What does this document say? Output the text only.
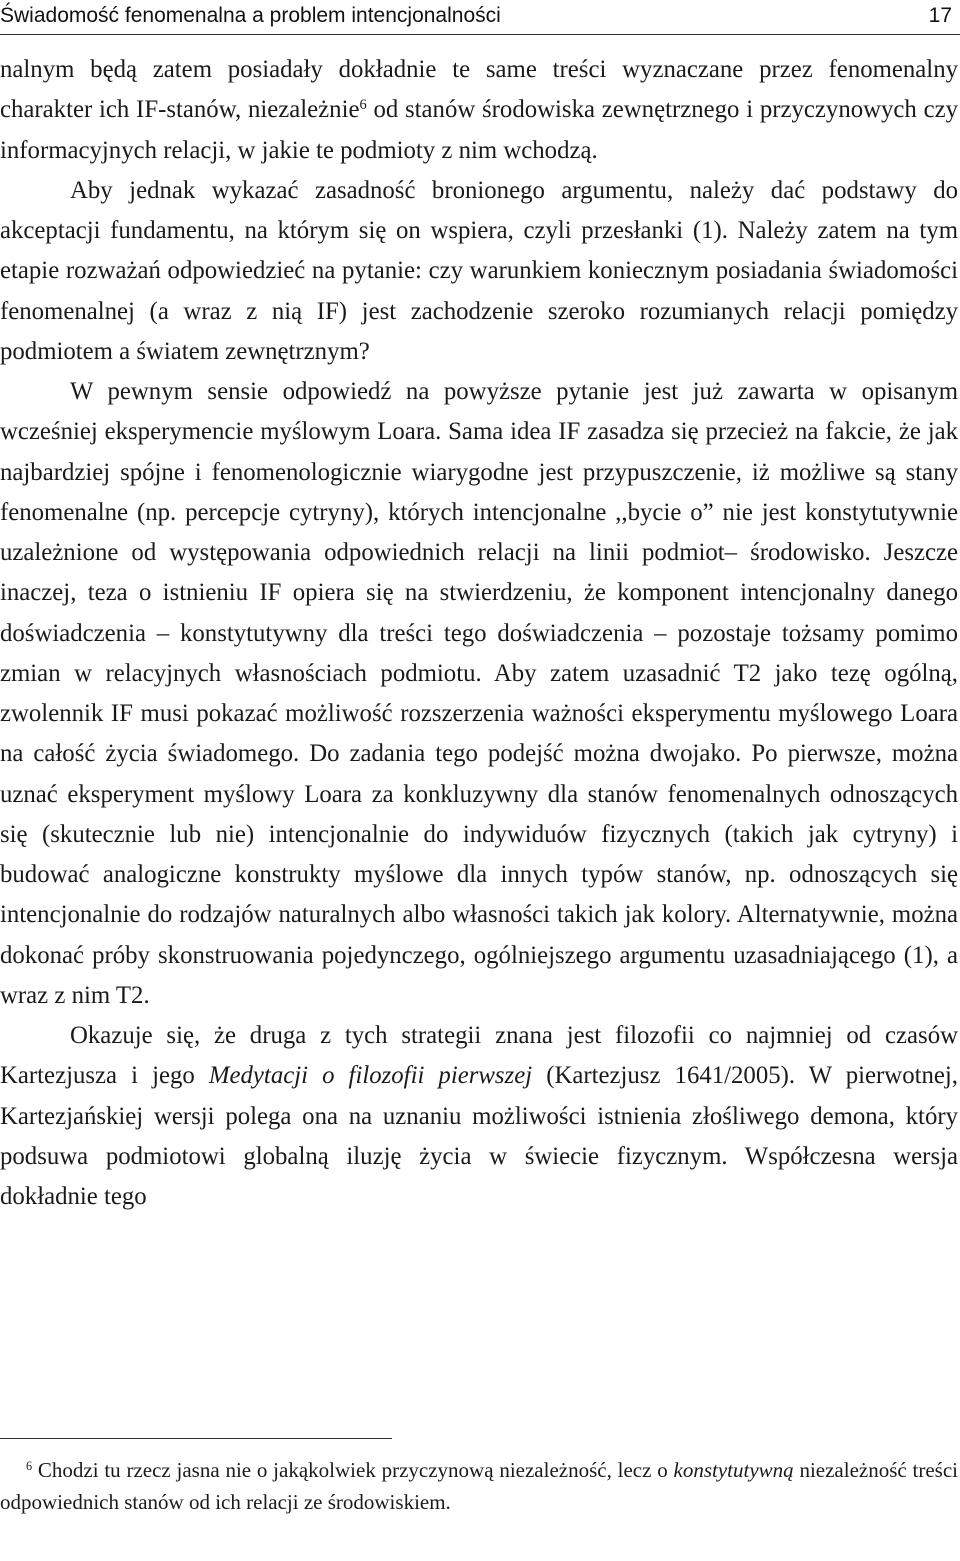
Świadomość fenomenalna a problem intencjonalności	17

nalnym będą zatem posiadały dokładnie te same treści wyznaczane przez fenomenalny charakter ich IF-stanów, niezależnie$^6$ od stanów środowiska zewnętrznego i przyczynowych czy informacyjnych relacji, w jakie te podmioty z nim wchodzą.

Aby jednak wykazać zasadność bronionego argumentu, należy dać podstawy do akceptacji fundamentu, na którym się on wspiera, czyli przesłanki (1). Należy zatem na tym etapie rozważań odpowiedzieć na pytanie: czy warunkiem koniecznym posiadania świadomości fenomenalnej (a wraz z nią IF) jest zachodzenie szeroko rozumianych relacji pomiędzy podmiotem a światem zewnętrznym?

W pewnym sensie odpowiedź na powyższe pytanie jest już zawarta w opisanym wcześniej eksperymencie myślowym Loara. Sama idea IF zasadza się przecież na fakcie, że jak najbardziej spójne i fenomenologicznie wiarygodne jest przypuszczenie, iż możliwe są stany fenomenalne (np. percepcje cytryny), których intencjonalne ,,bycie o” nie jest konstytutywnie uzależnione od występowania odpowiednich relacji na linii podmiot– środowisko. Jeszcze inaczej, teza o istnieniu IF opiera się na stwierdzeniu, że komponent intencjonalny danego doświadczenia – konstytutywny dla treści tego doświadczenia – pozostaje tożsamy pomimo zmian w relacyjnych własnościach podmiotu. Aby zatem uzasadnić T2 jako tezę ogólną, zwolennik IF musi pokazać możliwość rozszerzenia ważności eksperymentu myślowego Loara na całość życia świadomego. Do zadania tego podejść można dwojako. Po pierwsze, można uznać eksperyment myślowy Loara za konkluzywny dla stanów fenomenalnych odnoszących się (skutecznie lub nie) intencjonalnie do indywiduów fizycznych (takich jak cytryny) i budować analogiczne konstrukty myślowe dla innych typów stanów, np. odnoszących się intencjonalnie do rodzajów naturalnych albo własności takich jak kolory. Alternatywnie, można dokonać próby skonstruowania pojedynczego, ogólniejszego argumentu uzasadniającego (1), a wraz z nim T2.

Okazuje się, że druga z tych strategii znana jest filozofii co najmniej od czasów Kartezjusza i jego Medytacji o filozofii pierwszej (Kartezjusz 1641/2005). W pierwotnej, Kartezjańskiej wersji polega ona na uznaniu możliwości istnienia złośliwego demona, który podsuwa podmiotowi globalną iluzję życia w świecie fizycznym. Współczesna wersja dokładnie tego

$^6$ Chodzi tu rzecz jasna nie o jakąkolwiek przyczynową niezależność, lecz o konstytutywną niezależność treści odpowiednich stanów od ich relacji ze środowiskiem.
